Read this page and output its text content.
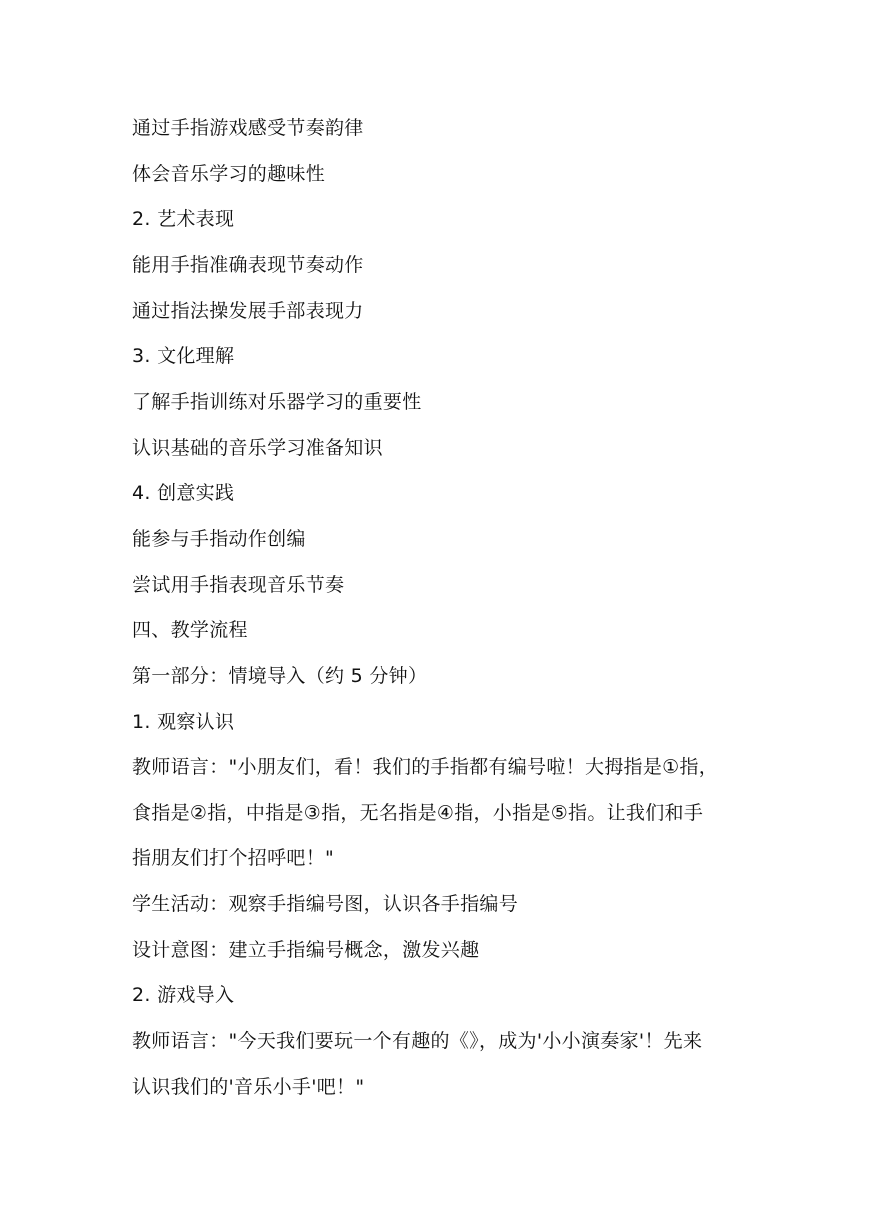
通过手指游戏感受节奏韵律
体会音乐学习的趣味性
2. 艺术表现
能用手指准确表现节奏动作
通过指法操发展手部表现力
3. 文化理解
了解手指训练对乐器学习的重要性
认识基础的音乐学习准备知识
4. 创意实践
能参与手指动作创编
尝试用手指表现音乐节奏
四、教学流程
第一部分：情境导入（约 5 分钟）
1. 观察认识
教师语言："小朋友们，看！我们的手指都有编号啦！大拇指是①指，
食指是②指，中指是③指，无名指是④指，小指是⑤指。让我们和手
指朋友们打个招呼吧！"
学生活动：观察手指编号图，认识各手指编号
设计意图：建立手指编号概念，激发兴趣
2. 游戏导入
教师语言："今天我们要玩一个有趣的《》，成为'小小演奏家'！先来
认识我们的'音乐小手'吧！"
